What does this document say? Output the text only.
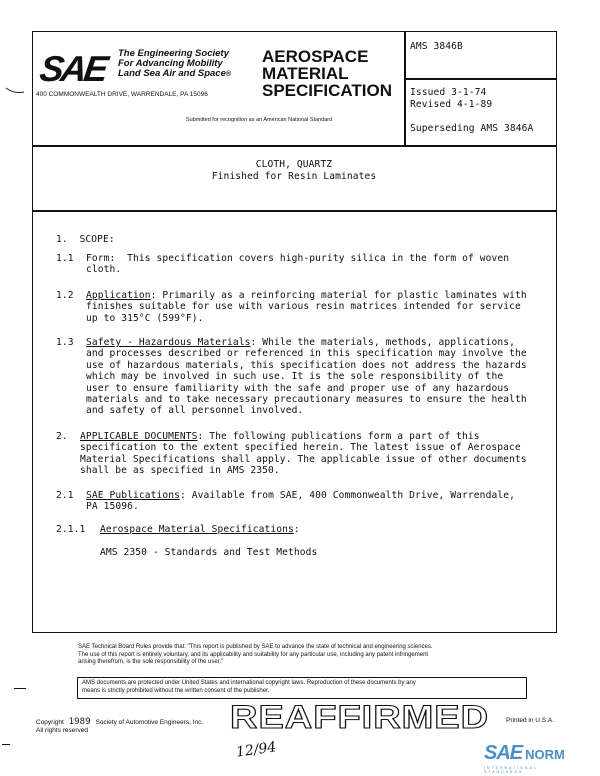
SAE The Engineering Society
For Advancing Mobility
Land Sea Air and Space®
400 COMMONWEALTH DRIVE, WARRENDALE, PA 15096
AEROSPACE
MATERIAL
SPECIFICATION
Submitted for recognition as an American National Standard
AMS 3846B
Issued 3-1-74
Revised 4-1-89
Superseding AMS 3846A
CLOTH, QUARTZ
Finished for Resin Laminates
1. SCOPE:
1.1 Form: This specification covers high-purity silica in the form of woven
cloth.
1.2 Application: Primarily as a reinforcing material for plastic laminates with
finishes suitable for use with various resin matrices intended for service
up to 315°C (599°F).
1.3 Safety - Hazardous Materials: While the materials, methods, applications,
and processes described or referenced in this specification may involve the
use of hazardous materials, this specification does not address the hazards
which may be involved in such use. It is the sole responsibility of the
user to ensure familiarity with the safe and proper use of any hazardous
materials and to take necessary precautionary measures to ensure the health
and safety of all personnel involved.
2. APPLICABLE DOCUMENTS: The following publications form a part of this
specification to the extent specified herein. The latest issue of Aerospace
Material Specifications shall apply. The applicable issue of other documents
shall be as specified in AMS 2350.
2.1 SAE Publications: Available from SAE, 400 Commonwealth Drive, Warrendale,
PA 15096.
2.1.1 Aerospace Material Specifications:
AMS 2350 - Standards and Test Methods
SAE Technical Board Rules provide that: "This report is published by SAE to advance the state of technical and engineering sciences.
The use of this report is entirely voluntary, and its applicability and suitability for any particular use, including any patent infringement
arising therefrom, is the sole responsibility of the user."
AMS documents are protected under United States and international copyright laws. Reproduction of these documents by any
means is strictly prohibited without the written consent of the publisher.
Copyright 1989 Society of Automotive Engineers, Inc.
All rights reserved
Printed in U.S.A.
REAFFIRMED
12/94	SAE NORM
INTERNATIONAL STANDARDS
